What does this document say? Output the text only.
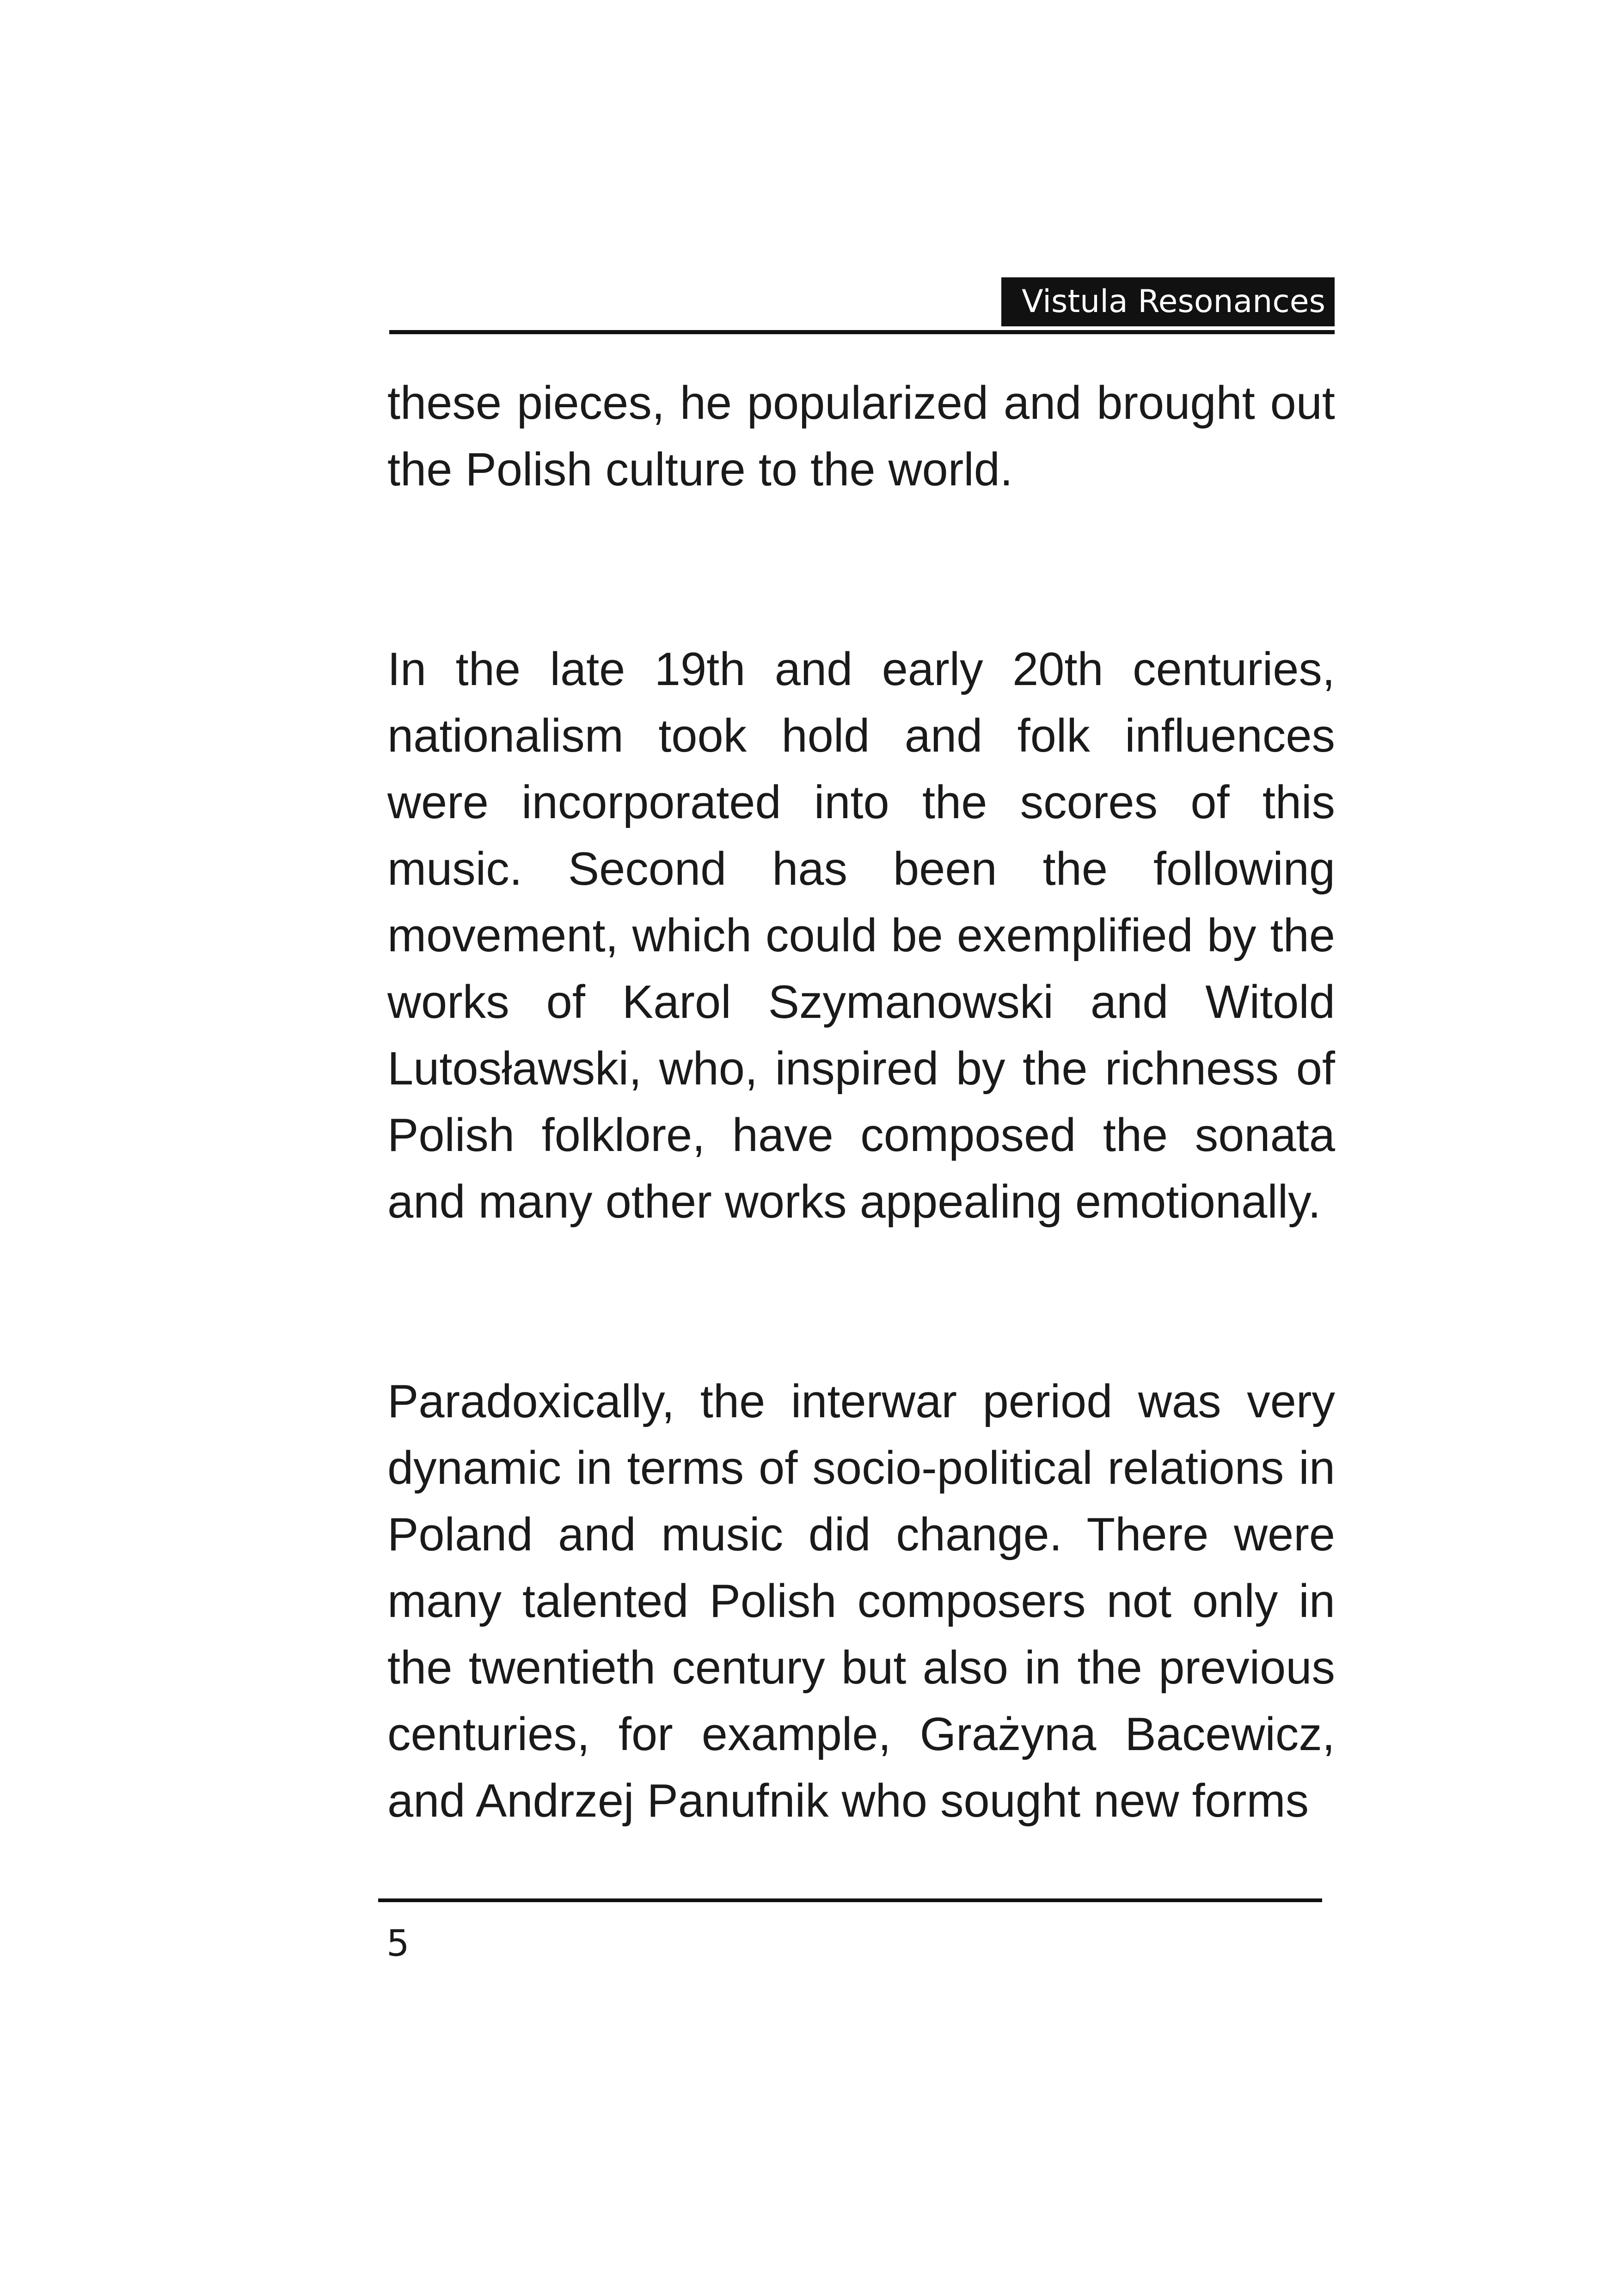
Vistula Resonances

these pieces, he popularized and brought out the Polish culture to the world.

In the late 19th and early 20th centuries, nationalism took hold and folk influences were incorporated into the scores of this music. Second has been the following movement, which could be exemplified by the works of Karol Szymanowski and Witold Lutosławski, who, inspired by the richness of Polish folklore, have composed the sonata and many other works appealing emotionally.

Paradoxically, the interwar period was very dynamic in terms of socio-political relations in Poland and music did change. There were many talented Polish composers not only in the twentieth century but also in the previous centuries, for example, Grażyna Bacewicz, and Andrzej Panufnik who sought new forms

5
